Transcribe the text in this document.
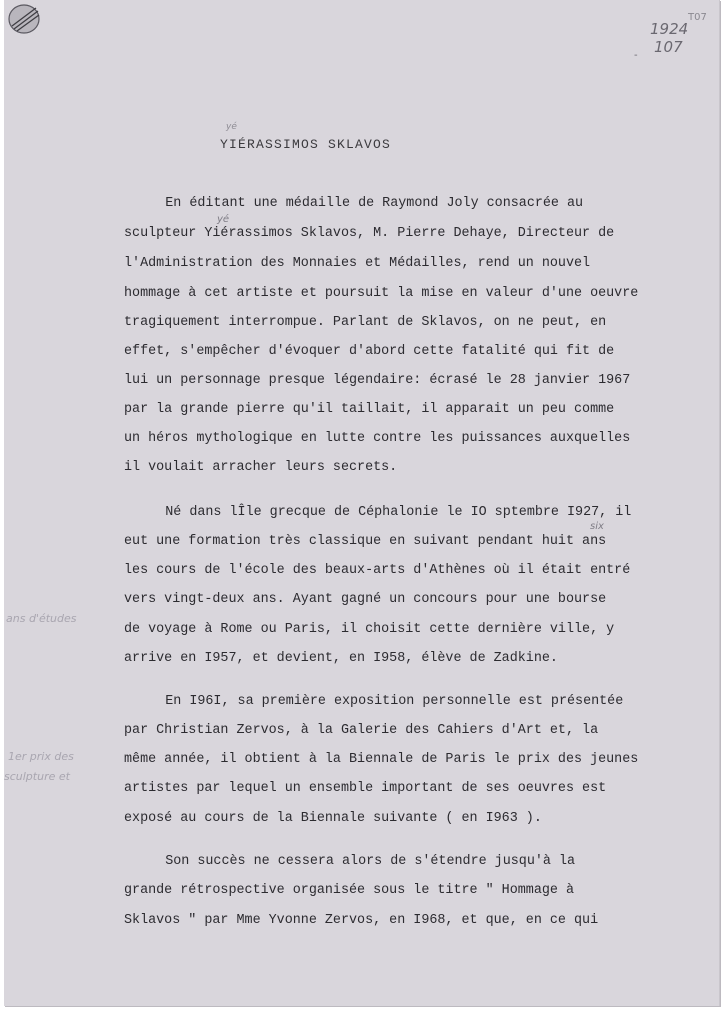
1924
107
T07
-
yé
YIÉRASSIMOS SKLAVOS
En éditant une médaille de Raymond Joly consacrée au
sculpteur Yiérassimos Sklavos, M. Pierre Dehaye, Directeur de
l'Administration des Monnaies et Médailles, rend un nouvel
hommage à cet artiste et poursuit la mise en valeur d'une oeuvre
tragiquement interrompue. Parlant de Sklavos, on ne peut, en
effet, s'empêcher d'évoquer d'abord cette fatalité qui fit de
lui un personnage presque légendaire: écrasé le 28 janvier 1967
par la grande pierre qu'il taillait, il apparait un peu comme
un héros mythologique en lutte contre les puissances auxquelles
il voulait arracher leurs secrets.
Né dans lÎle grecque de Céphalonie le IO sptembre I927, il
eut une formation très classique en suivant pendant huit ans
les cours de l'école des beaux-arts d'Athènes où il était entré
vers vingt-deux ans. Ayant gagné un concours pour une bourse
de voyage à Rome ou Paris, il choisit cette dernière ville, y
arrive en I957, et devient, en I958, élève de Zadkine.
En I96I, sa première exposition personnelle est présentée
par Christian Zervos, à la Galerie des Cahiers d'Art et, la
même année, il obtient à la Biennale de Paris le prix des jeunes
artistes par lequel un ensemble important de ses oeuvres est
exposé au cours de la Biennale suivante ( en I963 ).
Son succès ne cessera alors de s'étendre jusqu'à la
grande rétrospective organisée sous le titre " Hommage à
Sklavos " par Mme Yvonne Zervos, en I968, et que, en ce qui
yé
six
ans d'études
1er prix des
sculpture et
